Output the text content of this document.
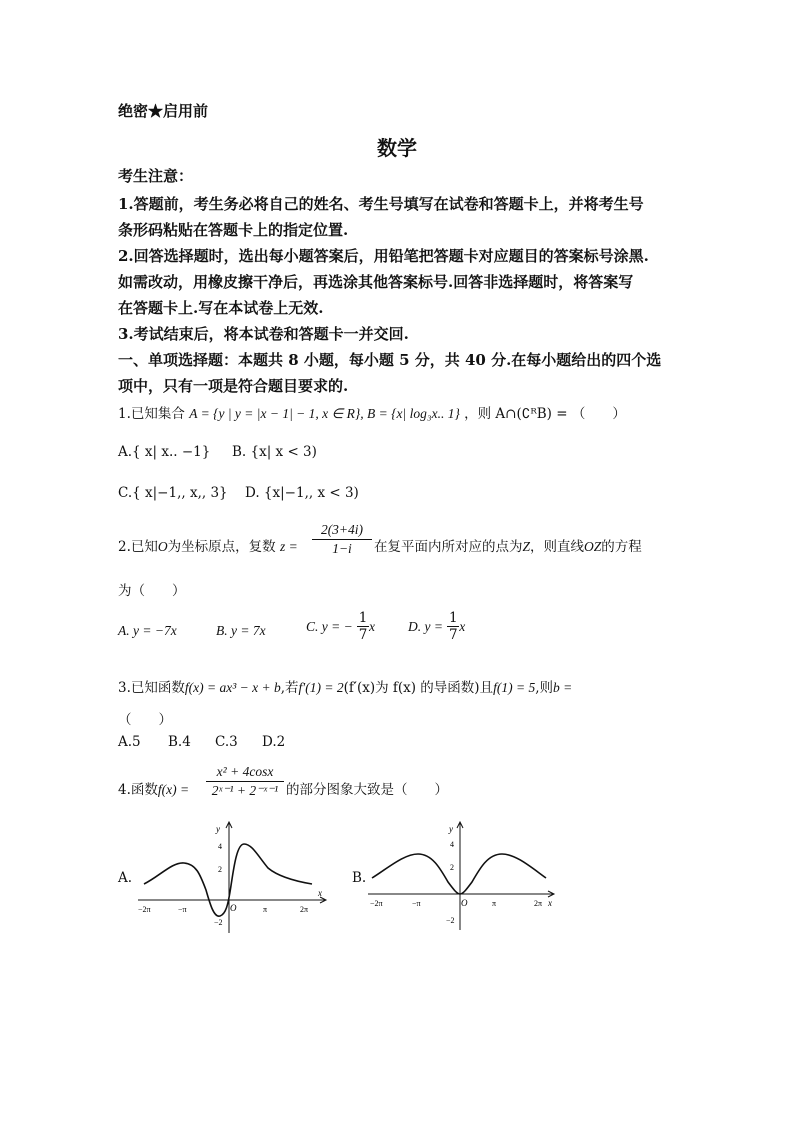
绝密★启用前
数学
考生注意：
1.答题前，考生务必将自己的姓名、考生号填写在试卷和答题卡上，并将考生号
条形码粘贴在答题卡上的指定位置.
2.回答选择题时，选出每小题答案后，用铅笔把答题卡对应题目的答案标号涂黑.
如需改动，用橡皮擦干净后，再选涂其他答案标号.回答非选择题时，将答案写
在答题卡上.写在本试卷上无效.
3.考试结束后，将本试卷和答题卡一并交回.
一、单项选择题：本题共 8 小题，每小题 5 分，共 40 分.在每小题给出的四个选
项中，只有一项是符合题目要求的.
1.已知集合 A = {y | y = |x − 1| − 1, x ∈ R}, B = {x| log₃x.. 1} ，则 A∩(∁ᴿB) = （　　）
A.{ x| x.. −1} B. {x| x < 3)
C.{ x|−1,, x,, 3} D. {x|−1,, x < 3)
2.已知O为坐标原点，复数 $z = \frac{2(3+4i)}{1-i}$ 在复平面内所对应的点为Z，则直线OZ的方程
为（　　）
A. y = −7x	B. y = 7x	C. y = − $\frac{1}{7}$ x D. $y = \frac{1}{7}$ x
3.已知函数f(x) = ax³ − x + b,若f′(1) = 2(f′(x)为 f(x) 的导函数)且f(1) = 5,则b =
（　　）
A.5 B.4 C.3 D.2
4.函数$f(x) = \frac{\text{x² + 4cosx}}{\text{2ˣ⁻¹ + 2⁻ˣ⁻¹}}$ 的部分图象大致是（　　）
A.
y
x
O
4
2
−2
−2π	−π	π	2π
B.
y
x
O
4
2
−2
−2π	−π	π	2π
